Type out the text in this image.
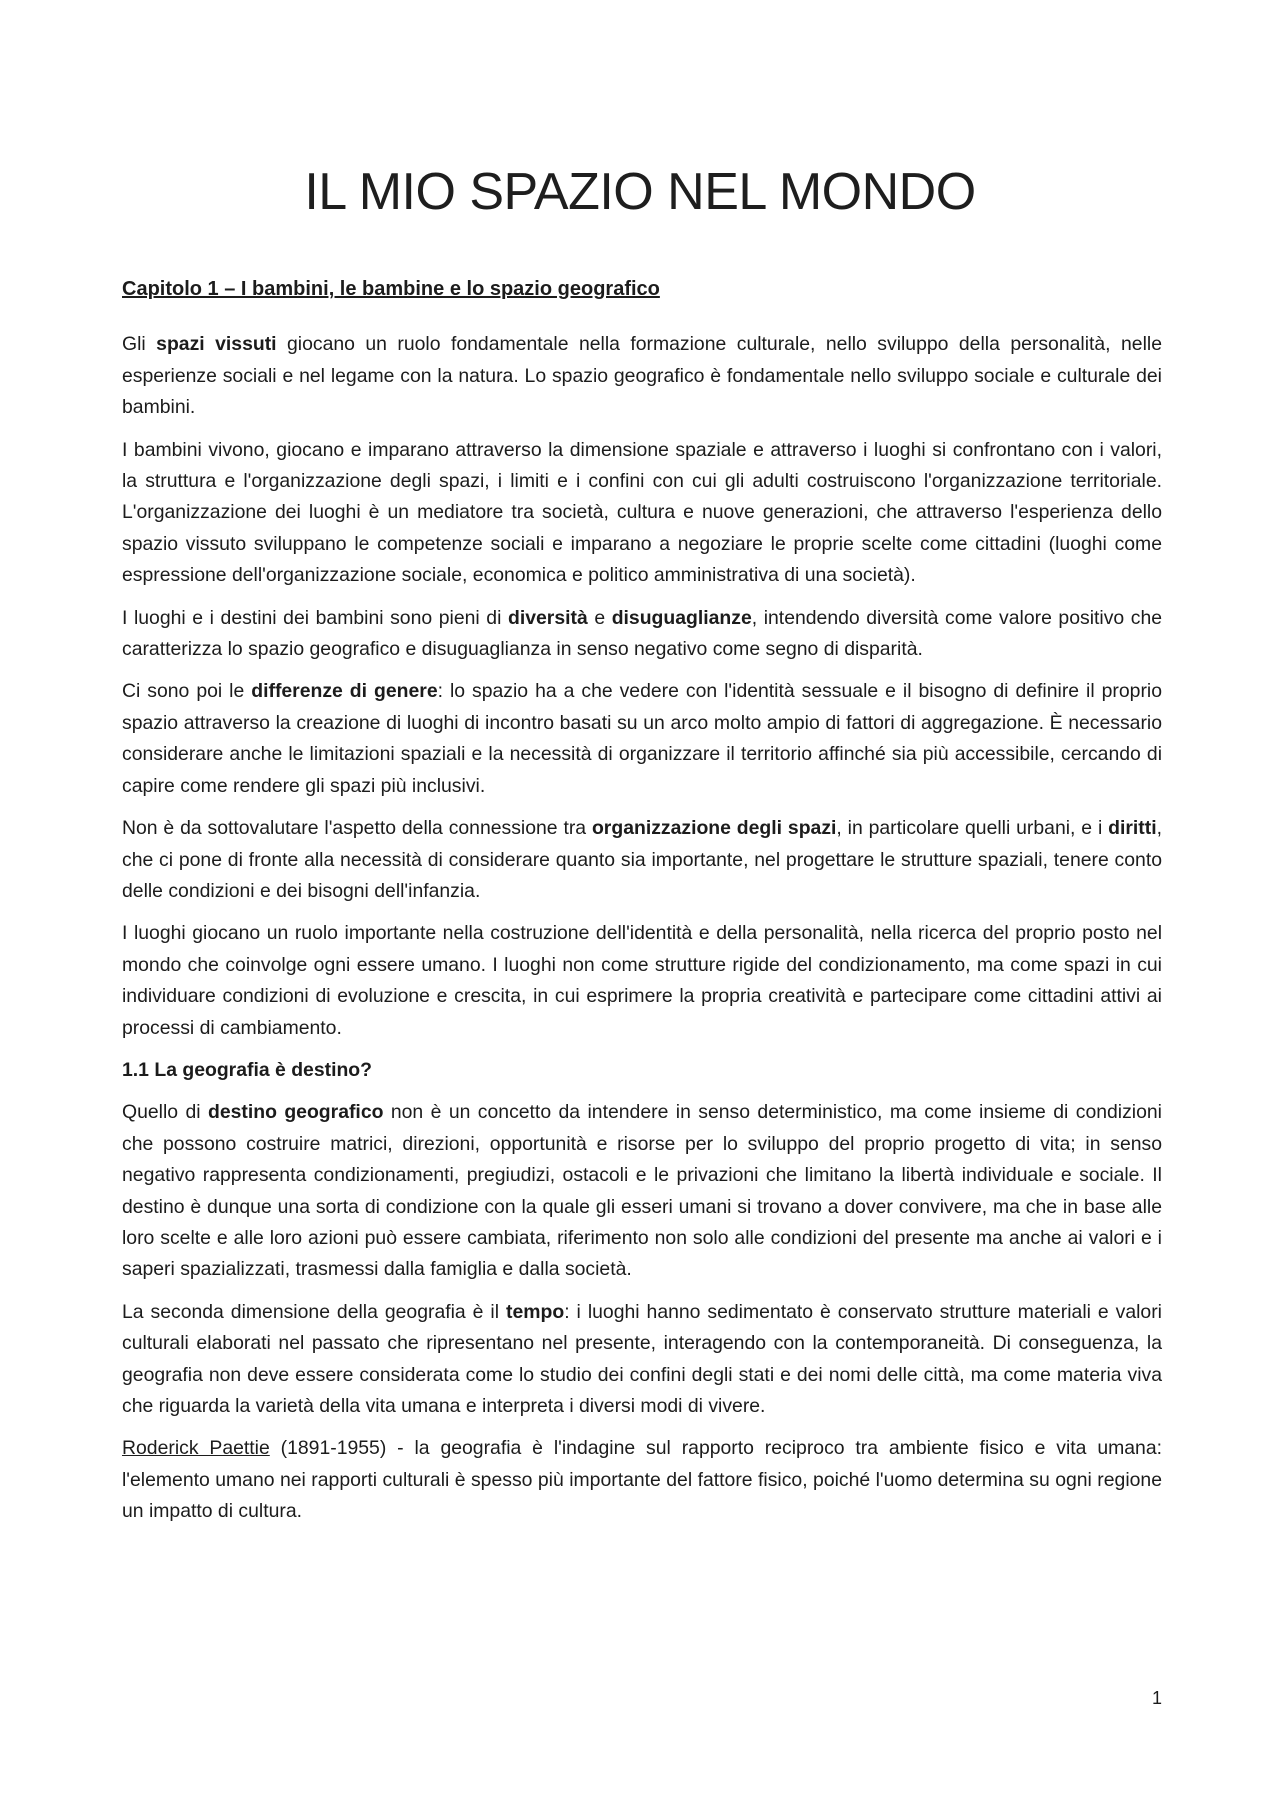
IL MIO SPAZIO NEL MONDO
Capitolo 1 – I bambini, le bambine e lo spazio geografico

Gli spazi vissuti giocano un ruolo fondamentale nella formazione culturale, nello sviluppo della personalità, nelle esperienze sociali e nel legame con la natura. Lo spazio geografico è fondamentale nello sviluppo sociale e culturale dei bambini.

I bambini vivono, giocano e imparano attraverso la dimensione spaziale e attraverso i luoghi si confrontano con i valori, la struttura e l'organizzazione degli spazi, i limiti e i confini con cui gli adulti costruiscono l'organizzazione territoriale. L'organizzazione dei luoghi è un mediatore tra società, cultura e nuove generazioni, che attraverso l'esperienza dello spazio vissuto sviluppano le competenze sociali e imparano a negoziare le proprie scelte come cittadini (luoghi come espressione dell'organizzazione sociale, economica e politico amministrativa di una società).

I luoghi e i destini dei bambini sono pieni di diversità e disuguaglianze, intendendo diversità come valore positivo che caratterizza lo spazio geografico e disuguaglianza in senso negativo come segno di disparità.

Ci sono poi le differenze di genere: lo spazio ha a che vedere con l'identità sessuale e il bisogno di definire il proprio spazio attraverso la creazione di luoghi di incontro basati su un arco molto ampio di fattori di aggregazione. È necessario considerare anche le limitazioni spaziali e la necessità di organizzare il territorio affinché sia più accessibile, cercando di capire come rendere gli spazi più inclusivi.

Non è da sottovalutare l'aspetto della connessione tra organizzazione degli spazi, in particolare quelli urbani, e i diritti, che ci pone di fronte alla necessità di considerare quanto sia importante, nel progettare le strutture spaziali, tenere conto delle condizioni e dei bisogni dell'infanzia.

I luoghi giocano un ruolo importante nella costruzione dell'identità e della personalità, nella ricerca del proprio posto nel mondo che coinvolge ogni essere umano. I luoghi non come strutture rigide del condizionamento, ma come spazi in cui individuare condizioni di evoluzione e crescita, in cui esprimere la propria creatività e partecipare come cittadini attivi ai processi di cambiamento.

1.1 La geografia è destino?

Quello di destino geografico non è un concetto da intendere in senso deterministico, ma come insieme di condizioni che possono costruire matrici, direzioni, opportunità e risorse per lo sviluppo del proprio progetto di vita; in senso negativo rappresenta condizionamenti, pregiudizi, ostacoli e le privazioni che limitano la libertà individuale e sociale. Il destino è dunque una sorta di condizione con la quale gli esseri umani si trovano a dover convivere, ma che in base alle loro scelte e alle loro azioni può essere cambiata, riferimento non solo alle condizioni del presente ma anche ai valori e i saperi spazializzati, trasmessi dalla famiglia e dalla società.

La seconda dimensione della geografia è il tempo: i luoghi hanno sedimentato è conservato strutture materiali e valori culturali elaborati nel passato che ripresentano nel presente, interagendo con la contemporaneità. Di conseguenza, la geografia non deve essere considerata come lo studio dei confini degli stati e dei nomi delle città, ma come materia viva che riguarda la varietà della vita umana e interpreta i diversi modi di vivere.

Roderick Paettie (1891-1955) - la geografia è l'indagine sul rapporto reciproco tra ambiente fisico e vita umana: l'elemento umano nei rapporti culturali è spesso più importante del fattore fisico, poiché l'uomo determina su ogni regione un impatto di cultura.

1
